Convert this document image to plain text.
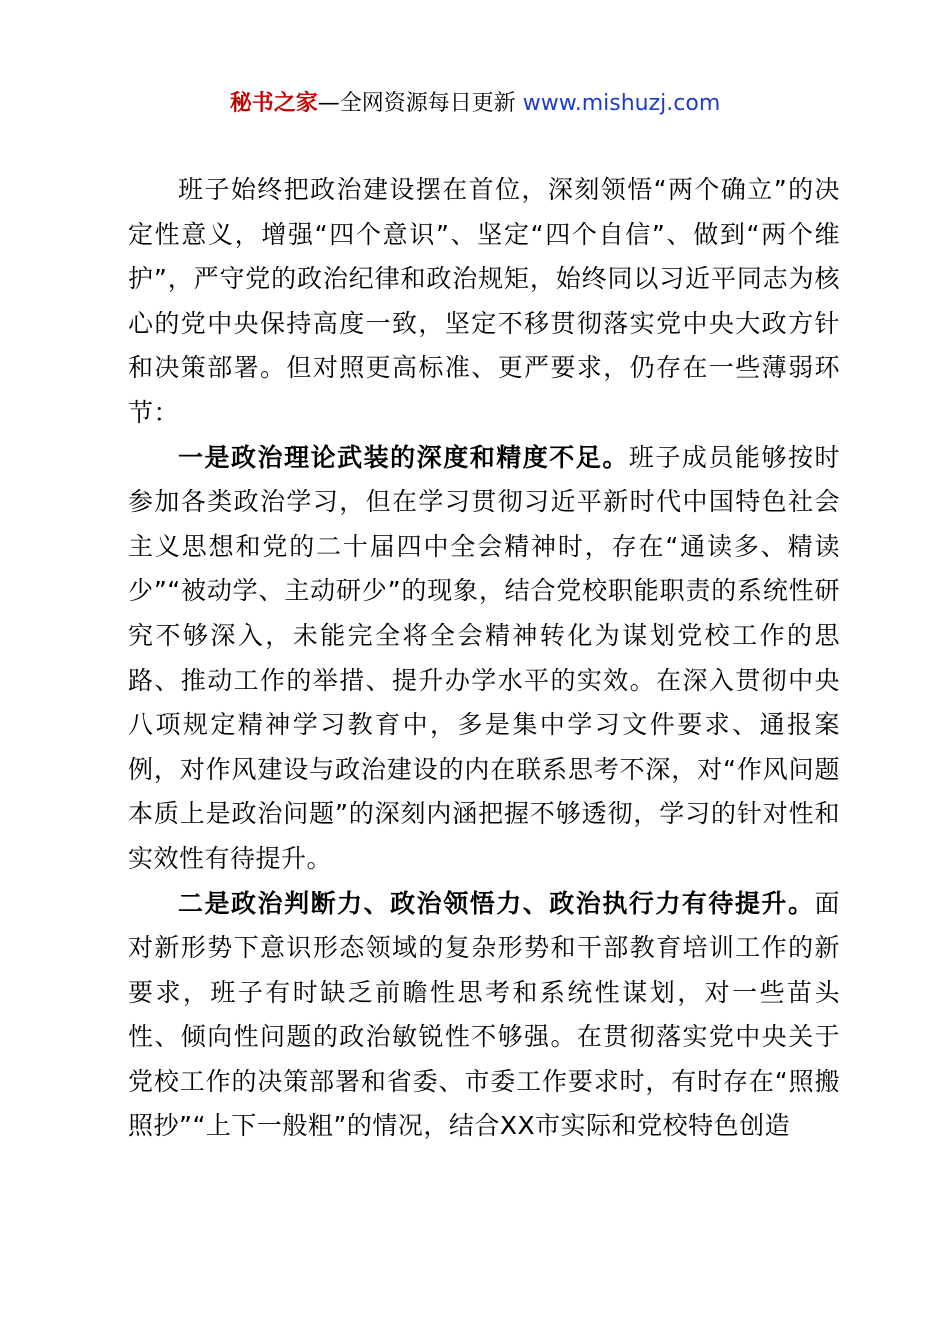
秘书之家—全网资源每日更新 www.mishuzj.com

班子始终把政治建设摆在首位，深刻领悟“两个确立”的决定性意义，增强“四个意识”、坚定“四个自信”、做到“两个维护”，严守党的政治纪律和政治规矩，始终同以习近平同志为核心的党中央保持高度一致，坚定不移贯彻落实党中央大政方针和决策部署。但对照更高标准、更严要求，仍存在一些薄弱环节：

一是政治理论武装的深度和精度不足。班子成员能够按时参加各类政治学习，但在学习贯彻习近平新时代中国特色社会主义思想和党的二十届四中全会精神时，存在“通读多、精读少”“被动学、主动研少”的现象，结合党校职能职责的系统性研究不够深入，未能完全将全会精神转化为谋划党校工作的思路、推动工作的举措、提升办学水平的实效。在深入贯彻中央八项规定精神学习教育中，多是集中学习文件要求、通报案例，对作风建设与政治建设的内在联系思考不深，对“作风问题本质上是政治问题”的深刻内涵把握不够透彻，学习的针对性和实效性有待提升。

二是政治判断力、政治领悟力、政治执行力有待提升。面对新形势下意识形态领域的复杂形势和干部教育培训工作的新要求，班子有时缺乏前瞻性思考和系统性谋划，对一些苗头性、倾向性问题的政治敏锐性不够强。在贯彻落实党中央关于党校工作的决策部署和省委、市委工作要求时，有时存在“照搬照抄”“上下一般粗”的情况，结合XX市实际和党校特色创造
